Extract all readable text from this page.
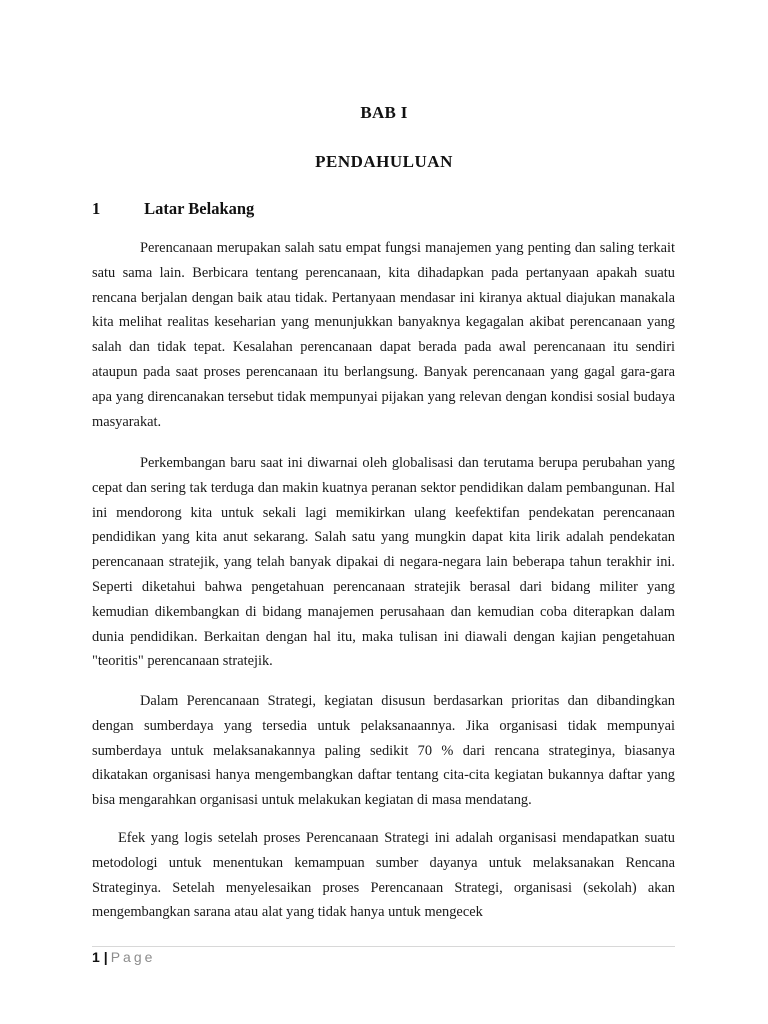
BAB I
PENDAHULUAN
1	Latar Belakang

Perencanaan merupakan salah satu empat fungsi manajemen yang penting dan saling terkait satu sama lain. Berbicara tentang perencanaan, kita dihadapkan pada pertanyaan apakah suatu rencana berjalan dengan baik atau tidak. Pertanyaan mendasar ini kiranya aktual diajukan manakala kita melihat realitas keseharian yang menunjukkan banyaknya kegagalan akibat perencanaan yang salah dan tidak tepat. Kesalahan perencanaan dapat berada pada awal perencanaan itu sendiri ataupun pada saat proses perencanaan itu berlangsung. Banyak perencanaan yang gagal gara-gara apa yang direncanakan tersebut tidak mempunyai pijakan yang relevan dengan kondisi sosial budaya masyarakat.

Perkembangan baru saat ini diwarnai oleh globalisasi dan terutama berupa perubahan yang cepat dan sering tak terduga dan makin kuatnya peranan sektor pendidikan dalam pembangunan. Hal ini mendorong kita untuk sekali lagi memikirkan ulang keefektifan pendekatan perencanaan pendidikan yang kita anut sekarang. Salah satu yang mungkin dapat kita lirik adalah pendekatan perencanaan stratejik, yang telah banyak dipakai di negara-negara lain beberapa tahun terakhir ini. Seperti diketahui bahwa pengetahuan perencanaan stratejik berasal dari bidang militer yang kemudian dikembangkan di bidang manajemen perusahaan dan kemudian coba diterapkan dalam dunia pendidikan. Berkaitan dengan hal itu, maka tulisan ini diawali dengan kajian pengetahuan "teoritis" perencanaan stratejik.

Dalam Perencanaan Strategi, kegiatan disusun berdasarkan prioritas dan dibandingkan dengan sumberdaya yang tersedia untuk pelaksanaannya. Jika organisasi tidak mempunyai sumberdaya untuk melaksanakannya paling sedikit 70 % dari rencana strateginya, biasanya dikatakan organisasi hanya mengembangkan daftar tentang cita-cita kegiatan bukannya daftar yang bisa mengarahkan organisasi untuk melakukan kegiatan di masa mendatang.

Efek yang logis setelah proses Perencanaan Strategi ini adalah organisasi mendapatkan suatu metodologi untuk menentukan kemampuan sumber dayanya untuk melaksanakan Rencana Strateginya. Setelah menyelesaikan proses Perencanaan Strategi, organisasi (sekolah) akan mengembangkan sarana atau alat yang tidak hanya untuk mengecek

1 | Page
